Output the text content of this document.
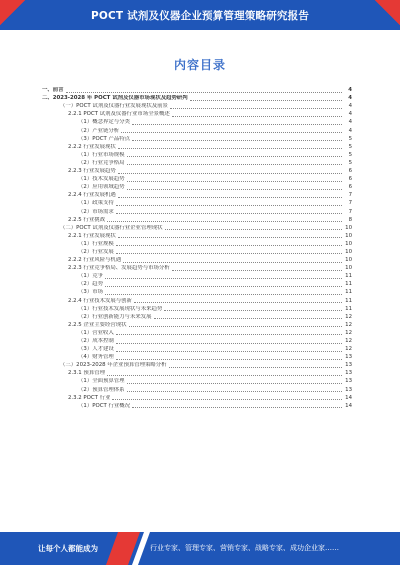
POCT 试剂及仪器企业预算管理策略研究报告
内容目录
一、前言	4
二、2023-2028 年 POCT 试剂及仪器市场现状及趋势研判	4
（一）POCT 试剂及仪器行业发展现状及前景	4
2.2.1 POCT 试剂及仪器行业市场全景概述	4
（1）概念界定与分类	4
（2）产业链分析	4
（3）POCT 产品特点	5
2.2.2 行业发展现状	5
（1）行业市场规模	5
（2）行业竞争格局	5
2.2.3 行业发展趋势	6
（1）技术发展趋势	6
（2）应用领域趋势	6
2.2.4 行业发展机遇	7
（1）政策支持	7
（2）市场需求	7
2.2.5 行业挑战	8
（二）POCT 试剂及仪器行业企业管理现状	10
2.2.1 行业发展现状	10
（1）行业规模	10
（2）行业发展	10
2.2.2 行业风险与机遇	10
2.2.3 行业竞争格局、发展趋势与市场分析	10
（1）竞争	11
（2）趋势	11
（3）市场	11
2.2.4 行业技术发展与创新	11
（1）行业技术发展现状与未来趋势	11
（2）行业创新能力与未来发展	12
2.2.5 企业主要经营现状	12
（1）营业收入	12
（2）成本控制	12
（3）人才建设	12
（4）财务管理	13
（三）2023-2028 年企业预算管理策略分析	13
2.3.1 预算管理	13
（1）全面预算管理	13
（2）预算管理体系	13
2.3.2 POCT 行业	14
（1）POCT 行业概况	14
让每个人都能成为	行业专家、管理专家、营销专家、战略专家、成功企业家……
